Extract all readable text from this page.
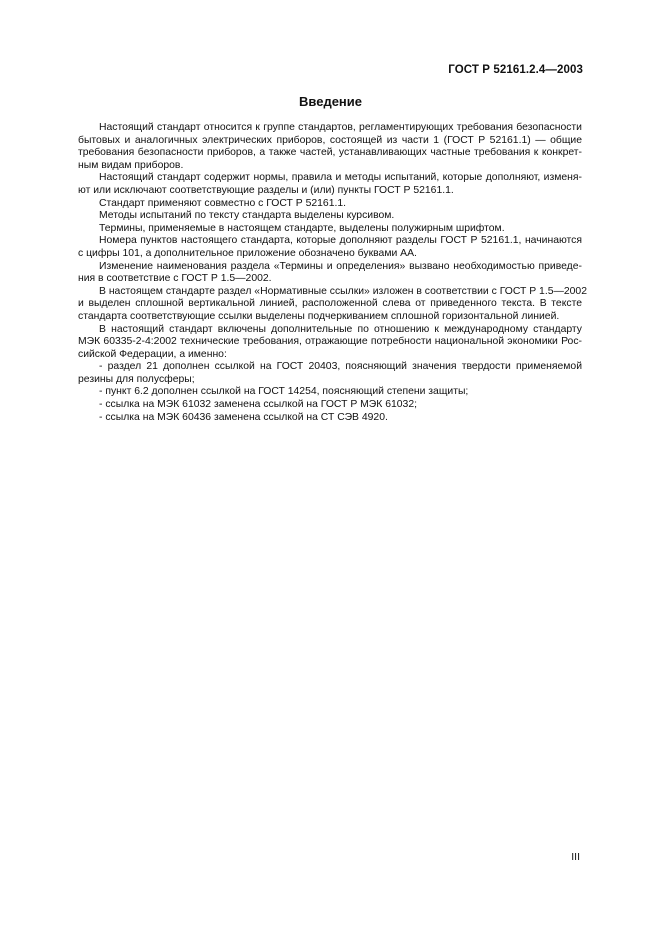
ГОСТ Р 52161.2.4—2003
Введение
Настоящий стандарт относится к группе стандартов, регламентирующих требования безопасности
бытовых и аналогичных электрических приборов, состоящей из части 1 (ГОСТ Р 52161.1) — общие
требования безопасности приборов, а также частей, устанавливающих частные требования к конкрет-
ным видам приборов.
Настоящий стандарт содержит нормы, правила и методы испытаний, которые дополняют, изменя-
ют или исключают соответствующие разделы и (или) пункты ГОСТ Р 52161.1.
Стандарт применяют совместно с ГОСТ Р 52161.1.
Методы испытаний по тексту стандарта выделены курсивом.
Термины, применяемые в настоящем стандарте, выделены полужирным шрифтом.
Номера пунктов настоящего стандарта, которые дополняют разделы ГОСТ Р 52161.1, начинаются
с цифры 101, а дополнительное приложение обозначено буквами АА.
Изменение наименования раздела «Термины и определения» вызвано необходимостью приведе-
ния в соответствие с ГОСТ Р 1.5—2002.
В настоящем стандарте раздел «Нормативные ссылки» изложен в соответствии с ГОСТ Р 1.5—2002
и выделен сплошной вертикальной линией, расположенной слева от приведенного текста. В тексте
стандарта соответствующие ссылки выделены подчеркиванием сплошной горизонтальной линией.
В настоящий стандарт включены дополнительные по отношению к международному стандарту
МЭК 60335-2-4:2002 технические требования, отражающие потребности национальной экономики Рос-
сийской Федерации, а именно:
- раздел 21 дополнен ссылкой на ГОСТ 20403, поясняющий значения твердости применяемой
резины для полусферы;
- пункт 6.2 дополнен ссылкой на ГОСТ 14254, поясняющий степени защиты;
- ссылка на МЭК 61032 заменена ссылкой на ГОСТ Р МЭК 61032;
- ссылка на МЭК 60436 заменена ссылкой на СТ СЭВ 4920.
III
